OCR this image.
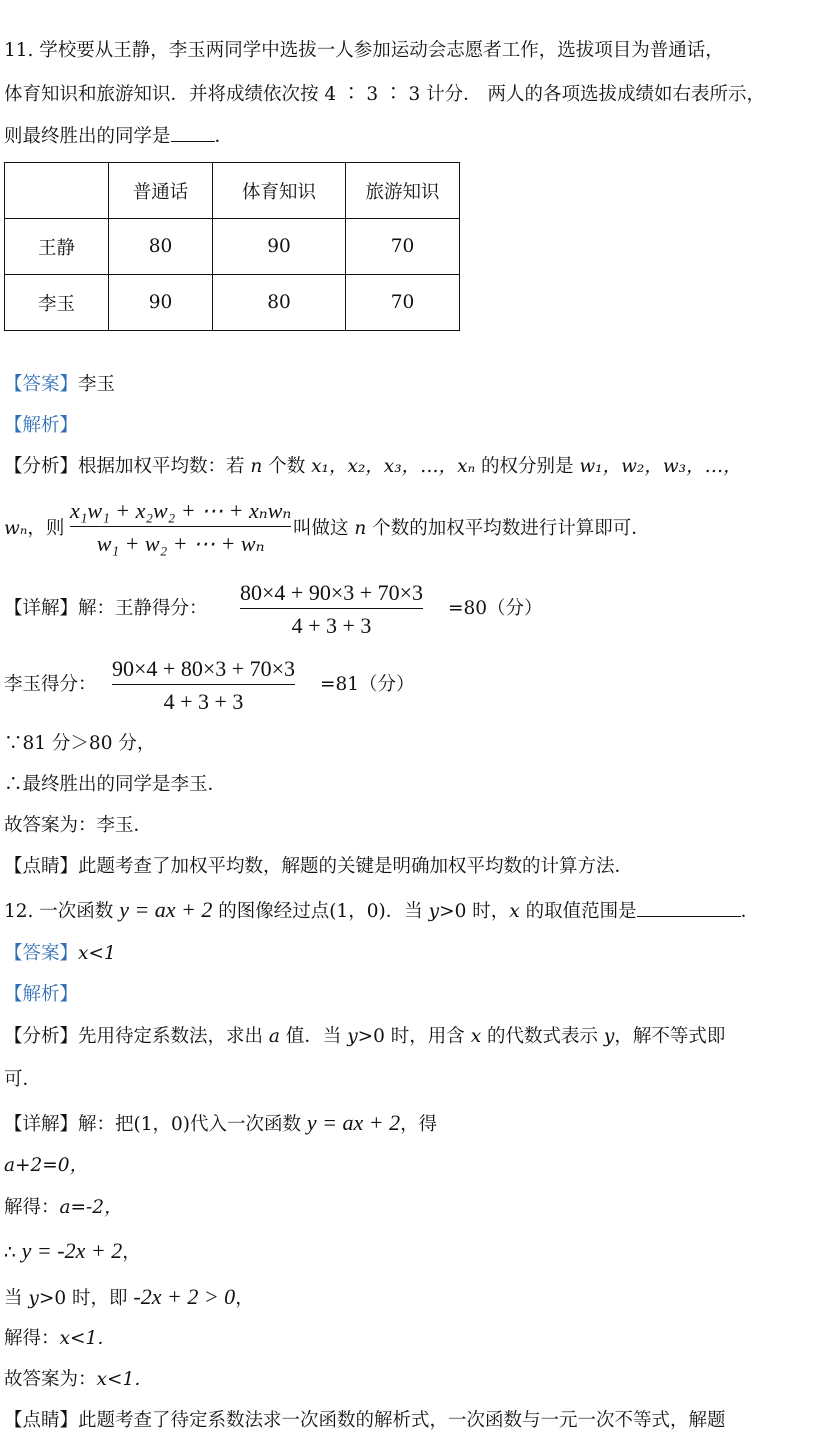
11. 学校要从王静，李玉两同学中选拔一人参加运动会志愿者工作，选拔项目为普通话，
体育知识和旅游知识．并将成绩依次按 4 ∶ 3 ∶ 3 计分． 两人的各项选拔成绩如右表所示，
则最终胜出的同学是 ．
	普通话	体育知识	旅游知识
王静	80	90	70
李玉	90	80	70
【答案】李玉
【解析】
【分析】根据加权平均数：若 n 个数 x₁，x₂，x₃，…，xₙ 的权分别是 w₁，w₂，w₃，…，
wₙ，则
x₁w₁ + x₂w₂ + ⋯ + xₙwₙ
w₁ + w₂ + ⋯ + wₙ
叫做这 n 个数的加权平均数进行计算即可．
【详解】解：王静得分：
80×4 + 90×3 + 70×3
4 + 3 + 3
=80（分）
李玉得分：
90×4 + 80×3 + 70×3
4 + 3 + 3
=81（分）
∵81 分＞80 分，
∴最终胜出的同学是李玉．
故答案为：李玉．
【点睛】此题考查了加权平均数，解题的关键是明确加权平均数的计算方法．
12. 一次函数 y = ax + 2 的图像经过点(1，0)．当 y>0 时，x 的取值范围是	．
【答案】x<1
【解析】
【分析】先用待定系数法，求出 a 值．当 y>0 时，用含 x 的代数式表示 y，解不等式即
可．
【详解】解：把(1，0)代入一次函数 y = ax + 2，得
a+2=0，
解得：a=-2，
∴ y = -2x + 2，
当 y>0 时，即 -2x + 2 > 0，
解得：x<1．
故答案为：x<1．
【点睛】此题考查了待定系数法求一次函数的解析式，一次函数与一元一次不等式，解题
